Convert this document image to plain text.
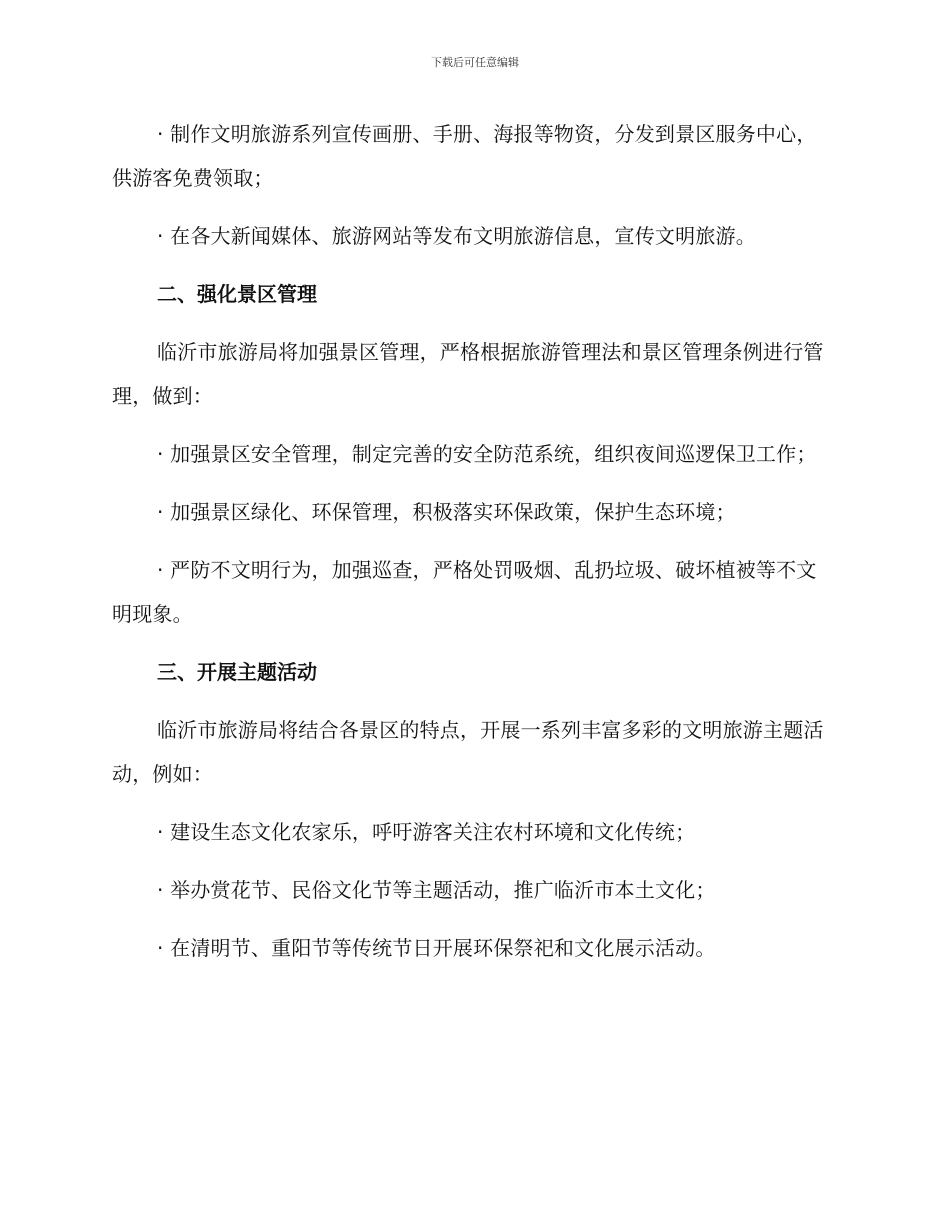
下载后可任意编辑

· 制作文明旅游系列宣传画册、手册、海报等物资，分发到景区服务中心，供游客免费领取；

· 在各大新闻媒体、旅游网站等发布文明旅游信息，宣传文明旅游。

二、强化景区管理

临沂市旅游局将加强景区管理，严格根据旅游管理法和景区管理条例进行管理，做到：

· 加强景区安全管理，制定完善的安全防范系统，组织夜间巡逻保卫工作；

· 加强景区绿化、环保管理，积极落实环保政策，保护生态环境；

· 严防不文明行为，加强巡查，严格处罚吸烟、乱扔垃圾、破坏植被等不文明现象。

三、开展主题活动

临沂市旅游局将结合各景区的特点，开展一系列丰富多彩的文明旅游主题活动，例如：

· 建设生态文化农家乐，呼吁游客关注农村环境和文化传统；

· 举办赏花节、民俗文化节等主题活动，推广临沂市本土文化；

· 在清明节、重阳节等传统节日开展环保祭祀和文化展示活动。
